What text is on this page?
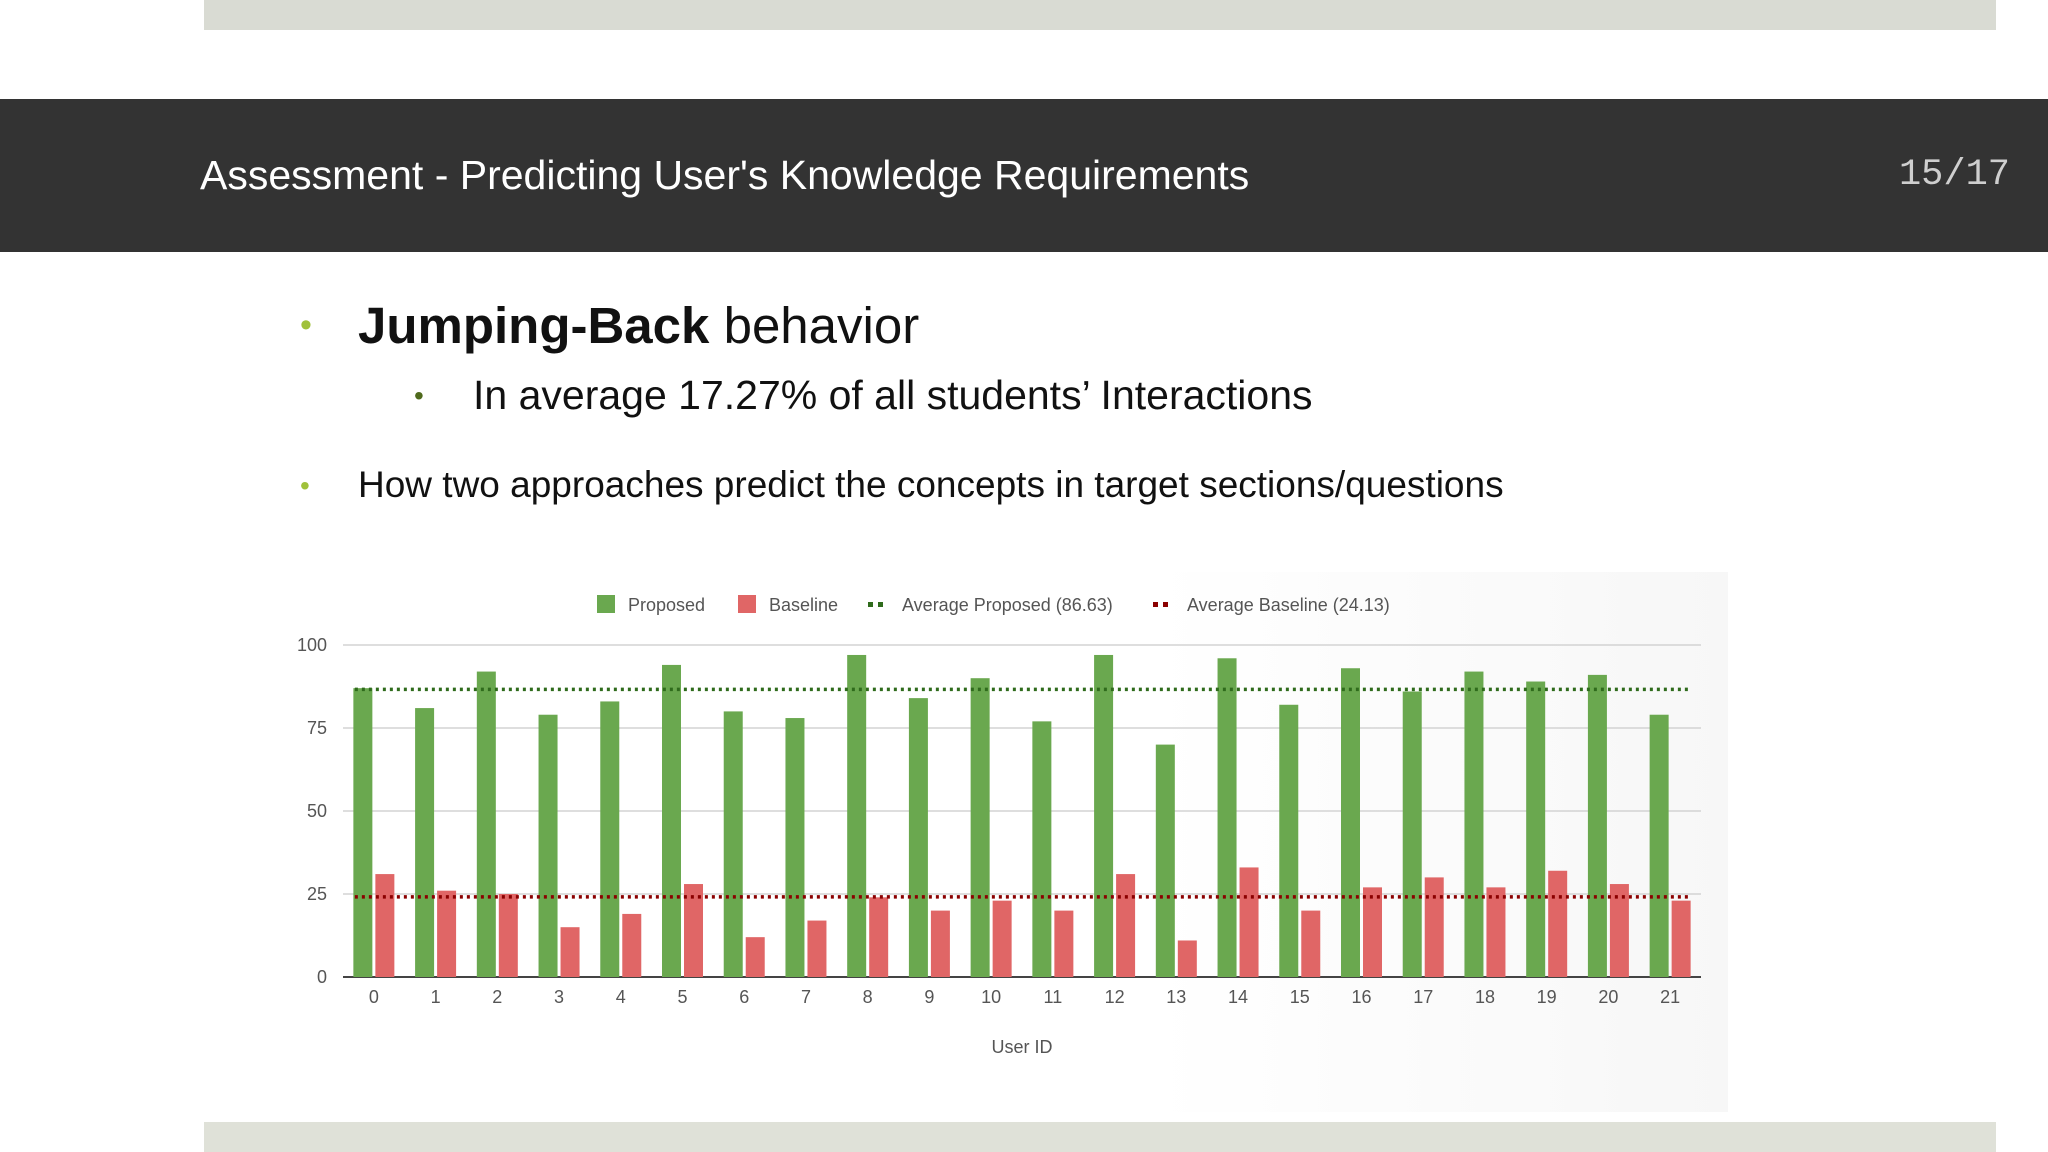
Assessment - Predicting User's Knowledge Requirements	15/17
• Jumping-Back behavior
• In average 17.27% of all students’ Interactions
• How two approaches predict the concepts in target sections/questions
0
25
50
75
100
0	1	2	3	4	5	6	7	8	9	10 11 12 13 14 15 16 17 18 19 20 21
User ID
Proposed	Baseline	Average Proposed (86.63)	Average Baseline (24.13)
